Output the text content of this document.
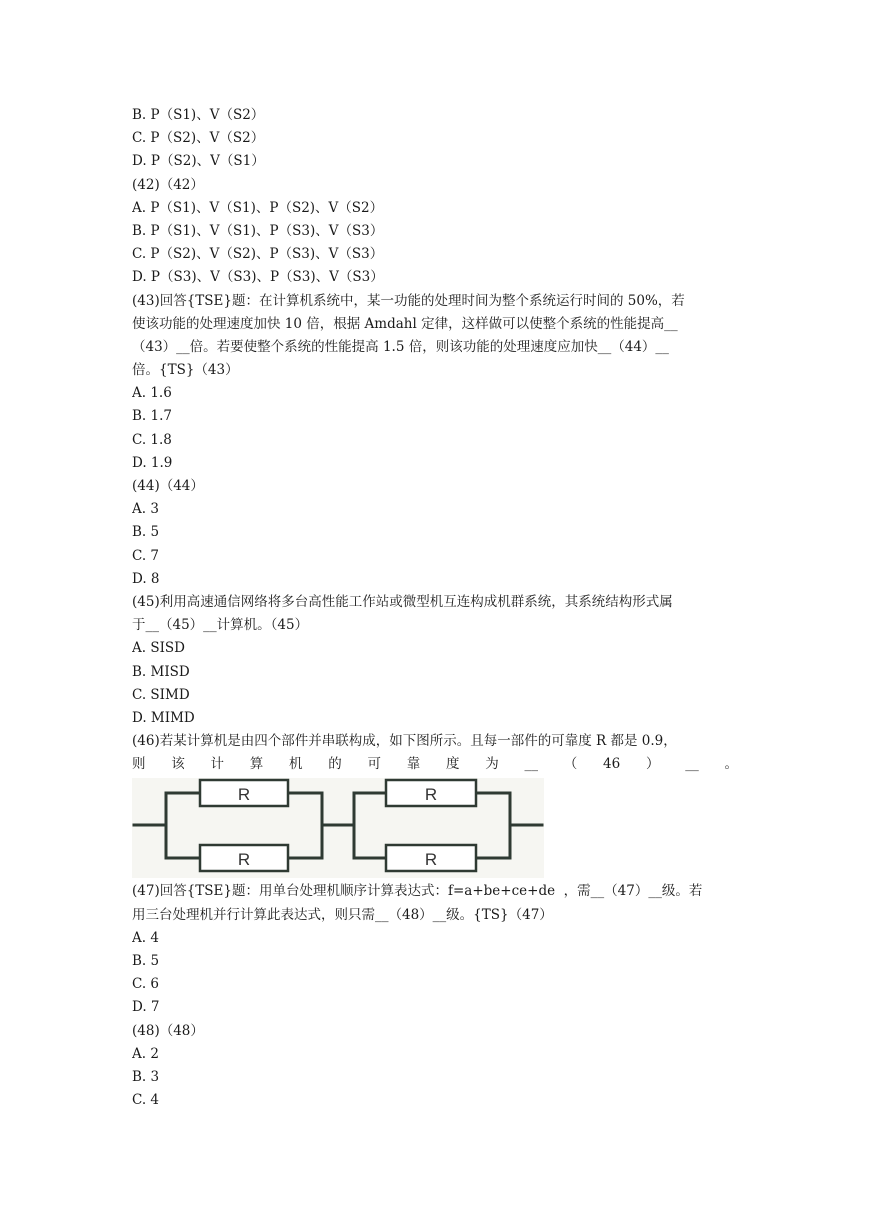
B. P（S1)、V（S2）
C. P（S2)、V（S2）
D. P（S2)、V（S1）
(42)（42）
A. P（S1)、V（S1)、P（S2)、V（S2）
B. P（S1)、V（S1)、P（S3)、V（S3）
C. P（S2)、V（S2)、P（S3)、V（S3）
D. P（S3)、V（S3)、P（S3)、V（S3）
(43)回答{TSE}题：在计算机系统中，某一功能的处理时间为整个系统运行时间的 50%，若
使该功能的处理速度加快 10 倍，根据 Amdahl 定律，这样做可以使整个系统的性能提高__
（43）__倍。若要使整个系统的性能提高 1.5 倍，则该功能的处理速度应加快__（44）__
倍。{TS}（43）
A. 1.6
B. 1.7
C. 1.8
D. 1.9
(44)（44）
A. 3
B. 5
C. 7
D. 8
(45)利用高速通信网络将多台高性能工作站或微型机互连构成机群系统，其系统结构形式属
于__（45）__计算机。（45）
A. SISD
B. MISD
C. SIMD
D. MIMD
(46)若某计算机是由四个部件并串联构成，如下图所示。且每一部件的可靠度 R 都是 0.9，
则 该 计 算 机 的 可 靠 度 为 __ （ 46 ） __ 。
R
R
R
R
(47)回答{TSE}题：用单台处理机顺序计算表达式：f=a+be+ce+de  ，需__（47）__级。若
用三台处理机并行计算此表达式，则只需__（48）__级。{TS}（47）
A. 4
B. 5
C. 6
D. 7
(48)（48）
A. 2
B. 3
C. 4
